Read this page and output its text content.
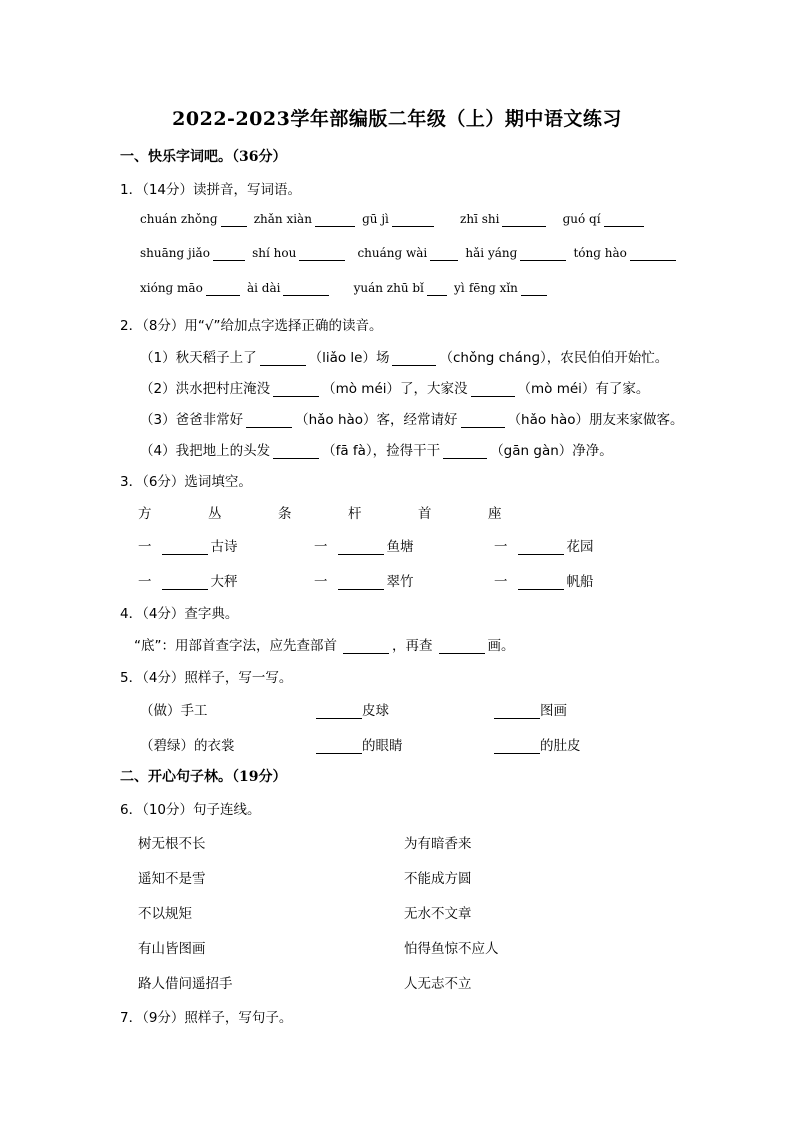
2022-2023学年部编版二年级（上）期中语文练习
一、快乐字词吧。（36分）
1．（14分）读拼音，写词语。
chuán zhǒnɡ	zhǎn xiàn	ɡū jì	zhī shi	ɡuó qí
shuāng jiǎo	shí hou	chuánɡ wài	hǎi yánɡ	tónɡ hào
xiónɡ māo	ài dài	yuán zhū bǐ	yì fēnɡ xǐn
2．（8分）用“√”给加点字选择正确的读音。
（1）秋天稻子上了	（liǎo le）场	（chǒng chánɡ），农民伯伯开始忙。
（2）洪水把村庄淹没	（mò méi）了，大家没	（mò méi）有了家。
（3）爸爸非常好	（hǎo hào）客，经常请好	（hǎo hào）朋友来家做客。
（4）我把地上的头发	（fā fà），捡得干干	（gān gàn）净净。
3．（6分）选词填空。
方	丛	条	杆	首	座
一	古诗	一	鱼塘	一	花园
一	大秤	一	翠竹	一	帆船
4．（4分）查字典。
“底”：用部首查字法，应先查部首	，再查	画。
5．（4分）照样子，写一写。
（做）手工	皮球	图画
（碧绿）的衣裳	的眼睛	的肚皮
二、开心句子林。（19分）
6．（10分）句子连线。
树无根不长
遥知不是雪
不以规矩
有山皆图画
路人借问遥招手
为有暗香来
不能成方圆
无水不文章
怕得鱼惊不应人
人无志不立
7．（9分）照样子，写句子。
